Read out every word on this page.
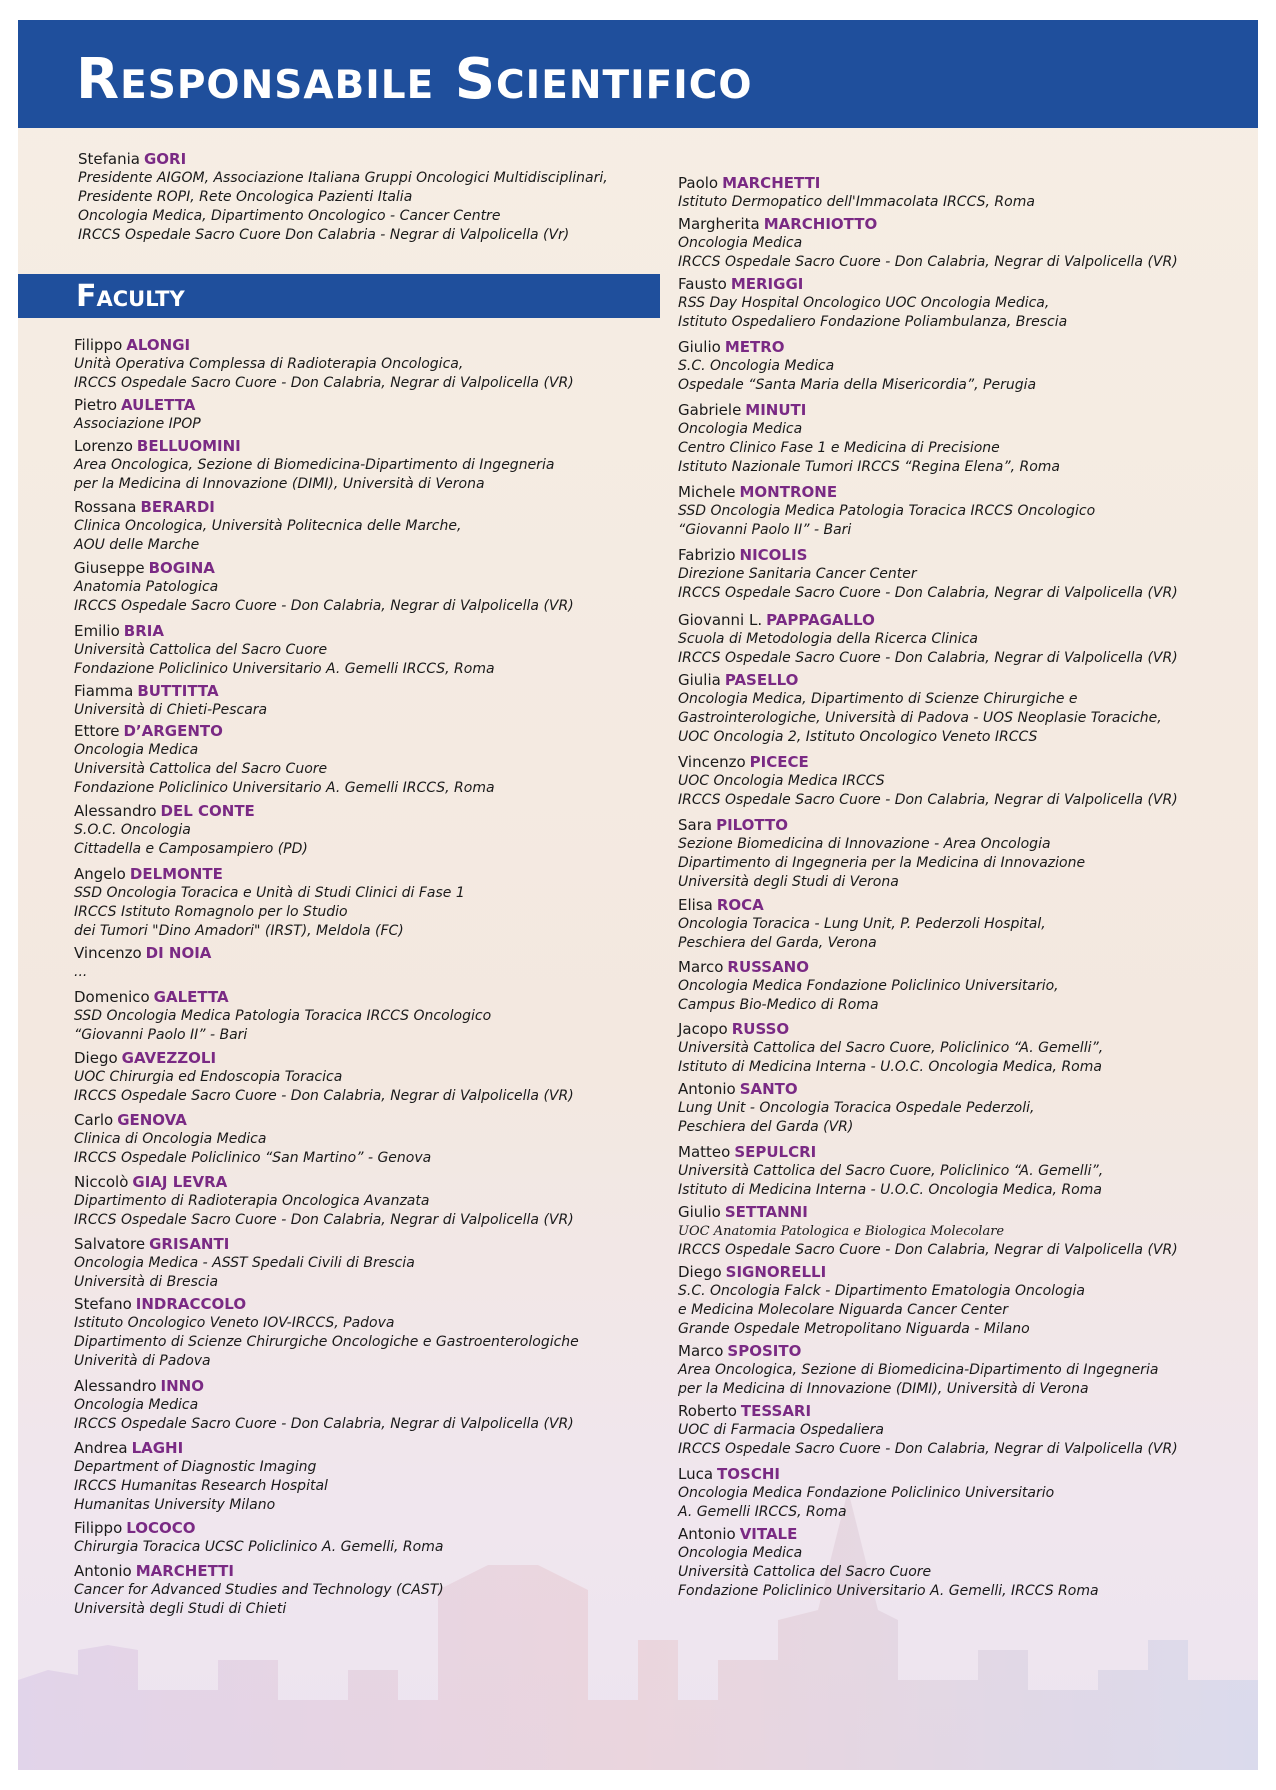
Responsabile Scientifico
Stefania GORI
Presidente AIGOM, Associazione Italiana Gruppi Oncologici Multidisciplinari,
Presidente ROPI, Rete Oncologica Pazienti Italia
Oncologia Medica, Dipartimento Oncologico - Cancer Centre
IRCCS Ospedale Sacro Cuore Don Calabria - Negrar di Valpolicella (Vr)
Faculty
Filippo ALONGI
Unità Operativa Complessa di Radioterapia Oncologica,
IRCCS Ospedale Sacro Cuore - Don Calabria, Negrar di Valpolicella (VR)
Pietro AULETTA
Associazione IPOP
Lorenzo BELLUOMINI
Area Oncologica, Sezione di Biomedicina-Dipartimento di Ingegneria
per la Medicina di Innovazione (DIMI), Università di Verona
Rossana BERARDI
Clinica Oncologica, Università Politecnica delle Marche,
AOU delle Marche
Giuseppe BOGINA
Anatomia Patologica
IRCCS Ospedale Sacro Cuore - Don Calabria, Negrar di Valpolicella (VR)
Emilio BRIA
Università Cattolica del Sacro Cuore
Fondazione Policlinico Universitario A. Gemelli IRCCS, Roma
Fiamma BUTTITTA
Università di Chieti-Pescara
Ettore D’ARGENTO
Oncologia Medica
Università Cattolica del Sacro Cuore
Fondazione Policlinico Universitario A. Gemelli IRCCS, Roma
Alessandro DEL CONTE
S.O.C. Oncologia
Cittadella e Camposampiero (PD)
Angelo DELMONTE
SSD Oncologia Toracica e Unità di Studi Clinici di Fase 1
IRCCS Istituto Romagnolo per lo Studio
dei Tumori "Dino Amadori" (IRST), Meldola (FC)
Vincenzo DI NOIA
...
Domenico GALETTA
SSD Oncologia Medica Patologia Toracica IRCCS Oncologico
“Giovanni Paolo II” - Bari
Diego GAVEZZOLI
UOC Chirurgia ed Endoscopia Toracica
IRCCS Ospedale Sacro Cuore - Don Calabria, Negrar di Valpolicella (VR)
Carlo GENOVA
Clinica di Oncologia Medica
IRCCS Ospedale Policlinico “San Martino” - Genova
Niccolò GIAJ LEVRA
Dipartimento di Radioterapia Oncologica Avanzata
IRCCS Ospedale Sacro Cuore - Don Calabria, Negrar di Valpolicella (VR)
Salvatore GRISANTI
Oncologia Medica - ASST Spedali Civili di Brescia
Università di Brescia
Stefano INDRACCOLO
Istituto Oncologico Veneto IOV-IRCCS, Padova
Dipartimento di Scienze Chirurgiche Oncologiche e Gastroenterologiche
Univerità di Padova
Alessandro INNO
Oncologia Medica
IRCCS Ospedale Sacro Cuore - Don Calabria, Negrar di Valpolicella (VR)
Andrea LAGHI
Department of Diagnostic Imaging
IRCCS Humanitas Research Hospital
Humanitas University Milano
Filippo LOCOCO
Chirurgia Toracica UCSC Policlinico A. Gemelli, Roma
Antonio MARCHETTI
Cancer for Advanced Studies and Technology (CAST)
Università degli Studi di Chieti
Paolo MARCHETTI
Istituto Dermopatico dell'Immacolata IRCCS, Roma
Margherita MARCHIOTTO
Oncologia Medica
IRCCS Ospedale Sacro Cuore - Don Calabria, Negrar di Valpolicella (VR)
Fausto MERIGGI
RSS Day Hospital Oncologico UOC Oncologia Medica,
Istituto Ospedaliero Fondazione Poliambulanza, Brescia
Giulio METRO
S.C. Oncologia Medica
Ospedale “Santa Maria della Misericordia”, Perugia
Gabriele MINUTI
Oncologia Medica
Centro Clinico Fase 1 e Medicina di Precisione
Istituto Nazionale Tumori IRCCS “Regina Elena”, Roma
Michele MONTRONE
SSD Oncologia Medica Patologia Toracica IRCCS Oncologico
“Giovanni Paolo II” - Bari
Fabrizio NICOLIS
Direzione Sanitaria Cancer Center
IRCCS Ospedale Sacro Cuore - Don Calabria, Negrar di Valpolicella (VR)
Giovanni L. PAPPAGALLO
Scuola di Metodologia della Ricerca Clinica
IRCCS Ospedale Sacro Cuore - Don Calabria, Negrar di Valpolicella (VR)
Giulia PASELLO
Oncologia Medica, Dipartimento di Scienze Chirurgiche e
Gastrointerologiche, Università di Padova - UOS Neoplasie Toraciche,
UOC Oncologia 2, Istituto Oncologico Veneto IRCCS
Vincenzo PICECE
UOC Oncologia Medica IRCCS
IRCCS Ospedale Sacro Cuore - Don Calabria, Negrar di Valpolicella (VR)
Sara PILOTTO
Sezione Biomedicina di Innovazione - Area Oncologia
Dipartimento di Ingegneria per la Medicina di Innovazione
Università degli Studi di Verona
Elisa ROCA
Oncologia Toracica - Lung Unit, P. Pederzoli Hospital,
Peschiera del Garda, Verona
Marco RUSSANO
Oncologia Medica Fondazione Policlinico Universitario,
Campus Bio-Medico di Roma
Jacopo RUSSO
Università Cattolica del Sacro Cuore, Policlinico “A. Gemelli”,
Istituto di Medicina Interna - U.O.C. Oncologia Medica, Roma
Antonio SANTO
Lung Unit - Oncologia Toracica Ospedale Pederzoli,
Peschiera del Garda (VR)
Matteo SEPULCRI
Università Cattolica del Sacro Cuore, Policlinico “A. Gemelli”,
Istituto di Medicina Interna - U.O.C. Oncologia Medica, Roma
Giulio SETTANNI
UOC Anatomia Patologica e Biologica Molecolare
IRCCS Ospedale Sacro Cuore - Don Calabria, Negrar di Valpolicella (VR)
Diego SIGNORELLI
S.C. Oncologia Falck - Dipartimento Ematologia Oncologia
e Medicina Molecolare Niguarda Cancer Center
Grande Ospedale Metropolitano Niguarda - Milano
Marco SPOSITO
Area Oncologica, Sezione di Biomedicina-Dipartimento di Ingegneria
per la Medicina di Innovazione (DIMI), Università di Verona
Roberto TESSARI
UOC di Farmacia Ospedaliera
IRCCS Ospedale Sacro Cuore - Don Calabria, Negrar di Valpolicella (VR)
Luca TOSCHI
Oncologia Medica Fondazione Policlinico Universitario
A. Gemelli IRCCS, Roma
Antonio VITALE
Oncologia Medica
Università Cattolica del Sacro Cuore
Fondazione Policlinico Universitario A. Gemelli, IRCCS Roma
